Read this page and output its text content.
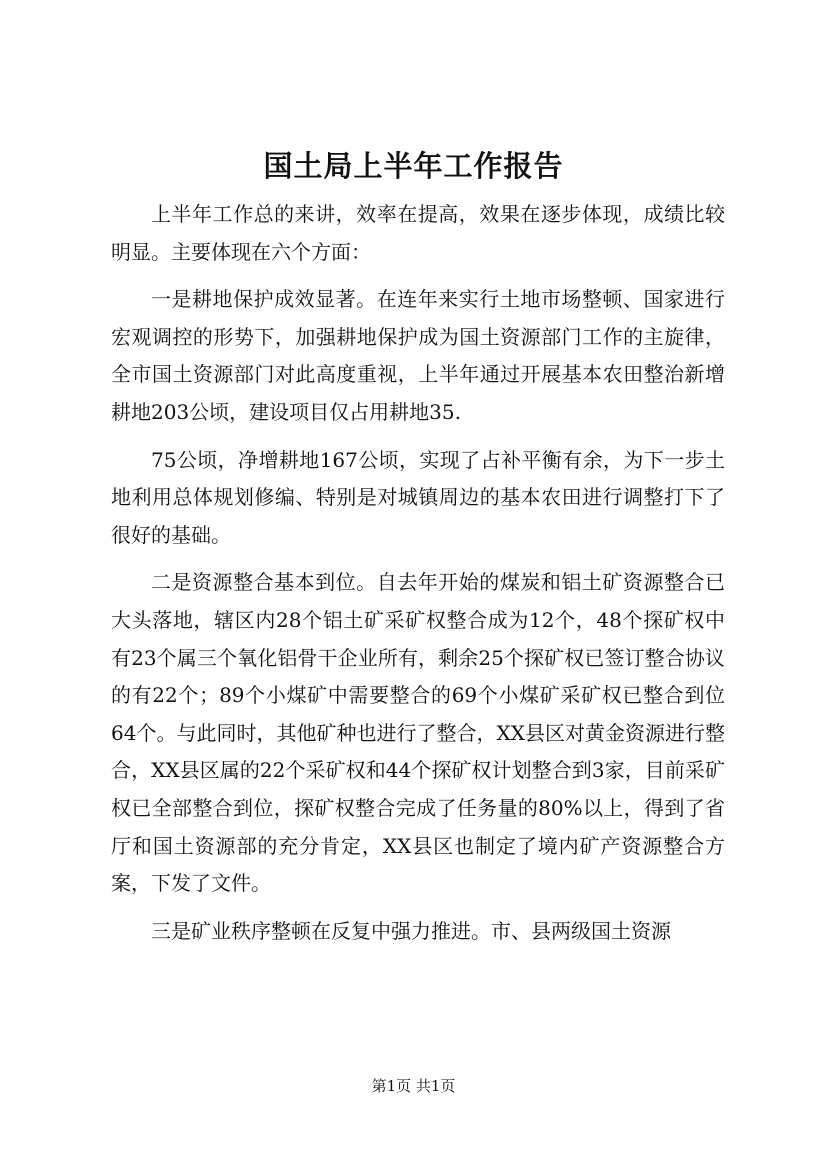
国土局上半年工作报告

上半年工作总的来讲，效率在提高，效果在逐步体现，成绩比较明显。主要体现在六个方面：

一是耕地保护成效显著。在连年来实行土地市场整顿、国家进行宏观调控的形势下，加强耕地保护成为国土资源部门工作的主旋律，全市国土资源部门对此高度重视，上半年通过开展基本农田整治新增耕地203公顷，建设项目仅占用耕地35.

75公顷，净增耕地167公顷，实现了占补平衡有余，为下一步土地利用总体规划修编、特别是对城镇周边的基本农田进行调整打下了很好的基础。

二是资源整合基本到位。自去年开始的煤炭和铝土矿资源整合已大头落地，辖区内28个铝土矿采矿权整合成为12个，48个探矿权中有23个属三个氧化铝骨干企业所有，剩余25个探矿权已签订整合协议的有22个；89个小煤矿中需要整合的69个小煤矿采矿权已整合到位64个。与此同时，其他矿种也进行了整合，XX县区对黄金资源进行整合，XX县区属的22个采矿权和44个探矿权计划整合到3家，目前采矿权已全部整合到位，探矿权整合完成了任务量的80%以上，得到了省厅和国土资源部的充分肯定，XX县区也制定了境内矿产资源整合方案，下发了文件。

三是矿业秩序整顿在反复中强力推进。市、县两级国土资源

第1页 共1页
